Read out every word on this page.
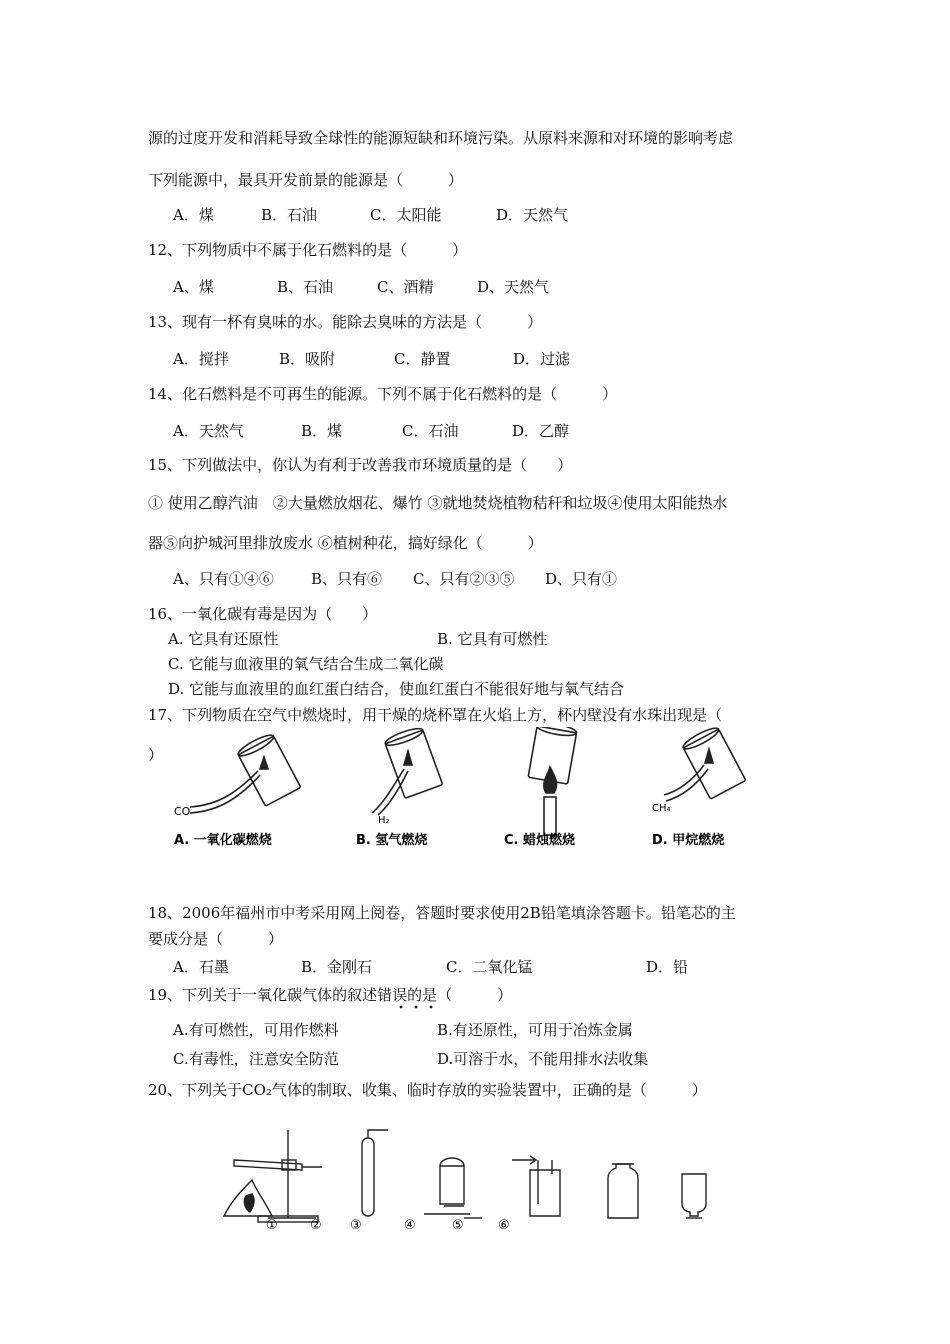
源的过度开发和消耗导致全球性的能源短缺和环境污染。从原料来源和对环境的影响考虑
下列能源中，最具开发前景的能源是（　　　）
A．煤	B．石油	C．太阳能	D．天然气
12、下列物质中不属于化石燃料的是（　　　）
A、煤	B、石油	C、酒精	D、天然气
13、现有一杯有臭味的水。能除去臭味的方法是（　　　）
A．搅拌	B．吸附	C．静置	D．过滤
14、化石燃料是不可再生的能源。下列不属于化石燃料的是（　　　）
A．天然气	B．煤	C．石油	D．乙醇
15、下列做法中，你认为有利于改善我市环境质量的是（　　）
① 使用乙醇汽油　②大量燃放烟花、爆竹 ③就地焚烧植物秸秆和垃圾④使用太阳能热水
器⑤向护城河里排放废水 ⑥植树种花，搞好绿化（　　　）
A、只有①④⑥ B、只有⑥ C、只有②③⑤ D、只有①
16、一氧化碳有毒是因为（　　）
A. 它具有还原性	B. 它具有可燃性
C. 它能与血液里的氧气结合生成二氧化碳
D. 它能与血液里的血红蛋白结合，使血红蛋白不能很好地与氧气结合
17、下列物质在空气中燃烧时，用干燥的烧杯罩在火焰上方，杯内壁没有水珠出现是（
）
CO
H₂
CH₄
A. 一氧化碳燃烧	B. 氢气燃烧	C. 蜡烛燃烧	D. 甲烷燃烧
18、2006年福州市中考采用网上阅卷，答题时要求使用2B铅笔填涂答题卡。铅笔芯的主
要成分是（　　　）
A．石墨	B．金刚石	C．二氧化锰	D．铅
19、下列关于一氧化碳气体的叙述错误的是（　　　）
A.有可燃性，可用作燃料	B.有还原性，可用于冶炼金属
C.有毒性，注意安全防范	D.可溶于水，不能用排水法收集
20、下列关于CO₂气体的制取、收集、临时存放的实验装置中，正确的是（　　　）
① ② ③	④	⑤	⑥
